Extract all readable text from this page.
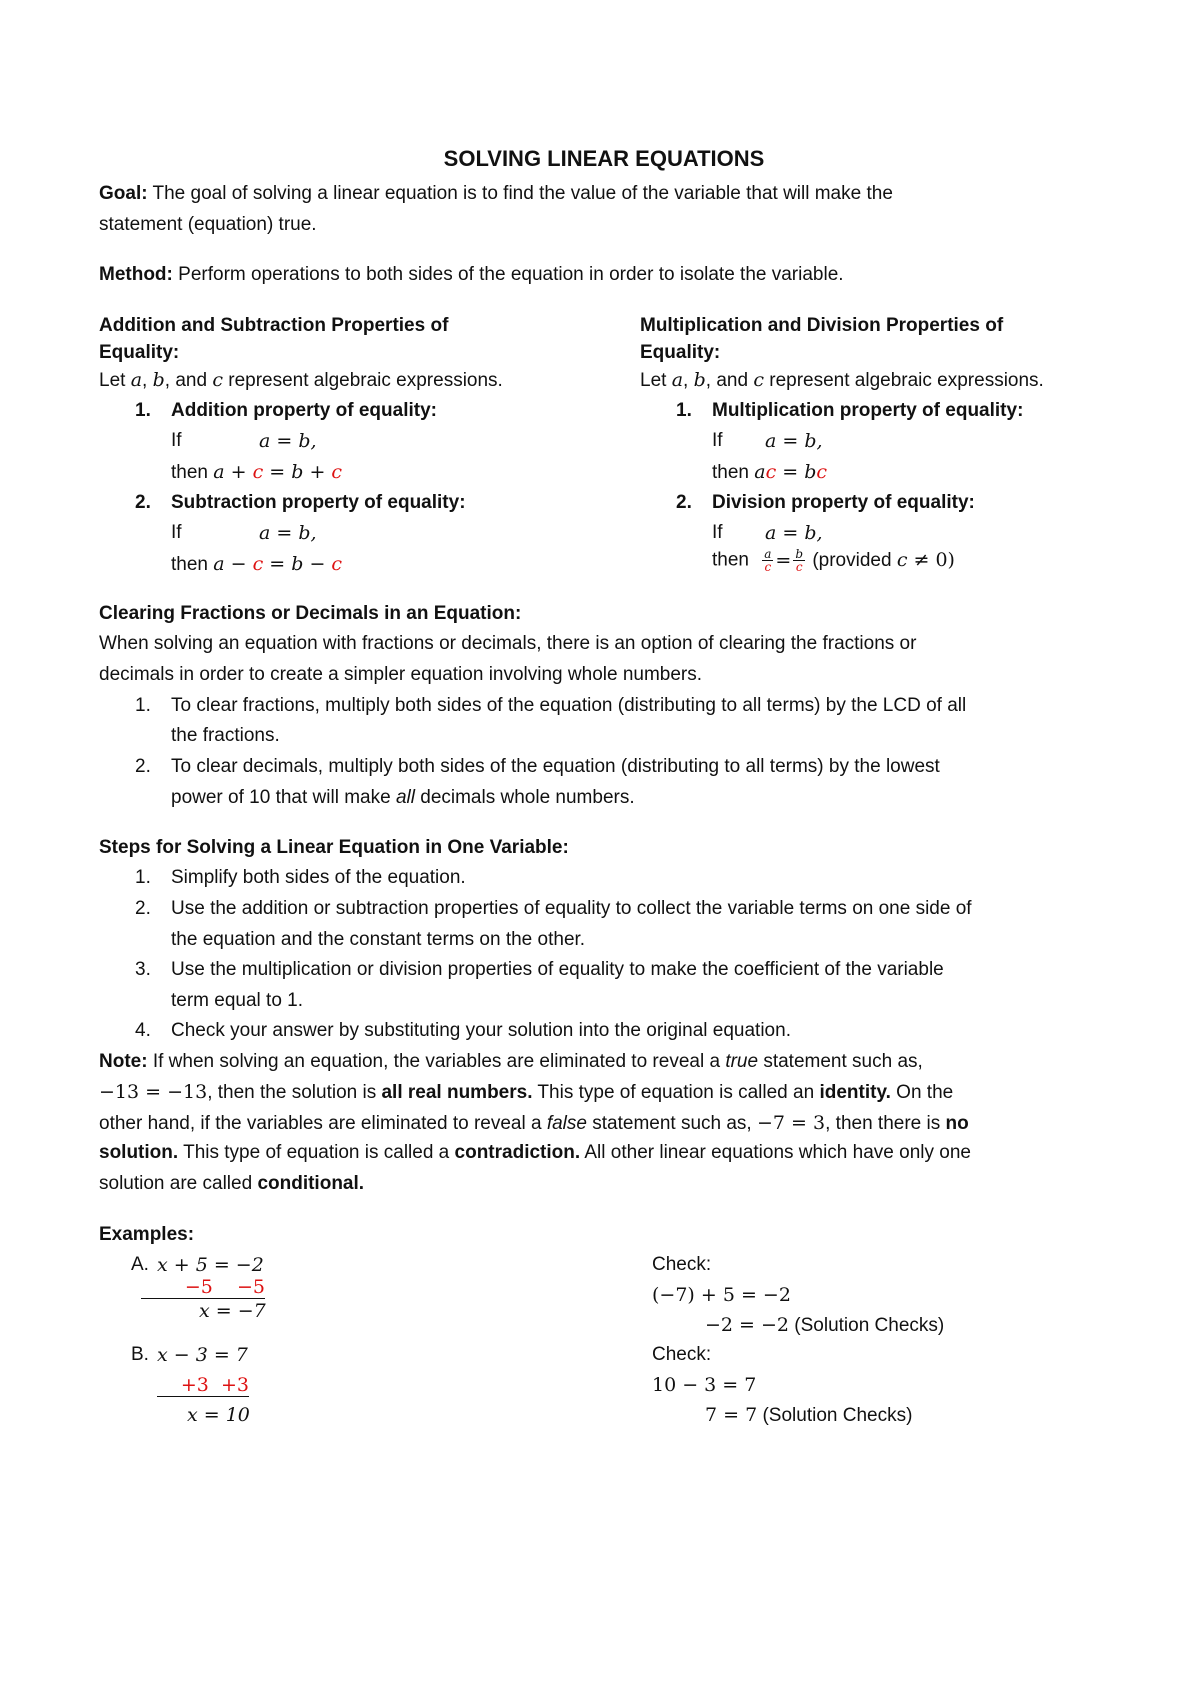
SOLVING LINEAR EQUATIONS
Goal: The goal of solving a linear equation is to find the value of the variable that will make the
statement (equation) true.
Method: Perform operations to both sides of the equation in order to isolate the variable.
Addition and Subtraction Properties of
Equality:
Let a, b, and c represent algebraic expressions.
1. Addition property of equality:
If	a = b,
then a + c = b + c
2. Subtraction property of equality:
If	a = b,
then a − c = b − c
Multiplication and Division Properties of
Equality:
Let a, b, and c represent algebraic expressions.
1. Multiplication property of equality:
If a = b,
then ac = bc
2. Division property of equality:
If a = b,
then $\frac{a}{c} = \frac{b}{c}$ (provided c ≠ 0)
Clearing Fractions or Decimals in an Equation:
When solving an equation with fractions or decimals, there is an option of clearing the fractions or
decimals in order to create a simpler equation involving whole numbers.
1. To clear fractions, multiply both sides of the equation (distributing to all terms) by the LCD of all
the fractions.
2. To clear decimals, multiply both sides of the equation (distributing to all terms) by the lowest
power of 10 that will make all decimals whole numbers.
Steps for Solving a Linear Equation in One Variable:
1. Simplify both sides of the equation.
2. Use the addition or subtraction properties of equality to collect the variable terms on one side of
the equation and the constant terms on the other.
3. Use the multiplication or division properties of equality to make the coefficient of the variable
term equal to 1.
4. Check your answer by substituting your solution into the original equation.
Note: If when solving an equation, the variables are eliminated to reveal a true statement such as,
−13 = −13, then the solution is all real numbers. This type of equation is called an identity. On the
other hand, if the variables are eliminated to reveal a false statement such as, −7 = 3, then there is no
solution. This type of equation is called a contradiction. All other linear equations which have only one
solution are called conditional.
Examples:
A. x + 5 = −2
−5    −5
x = −7
Check:
(−7) + 5 = −2
−2 = −2 (Solution Checks)
B. x − 3 = 7
+3  +3
x = 10
Check:
10 − 3 = 7
7 = 7 (Solution Checks)
